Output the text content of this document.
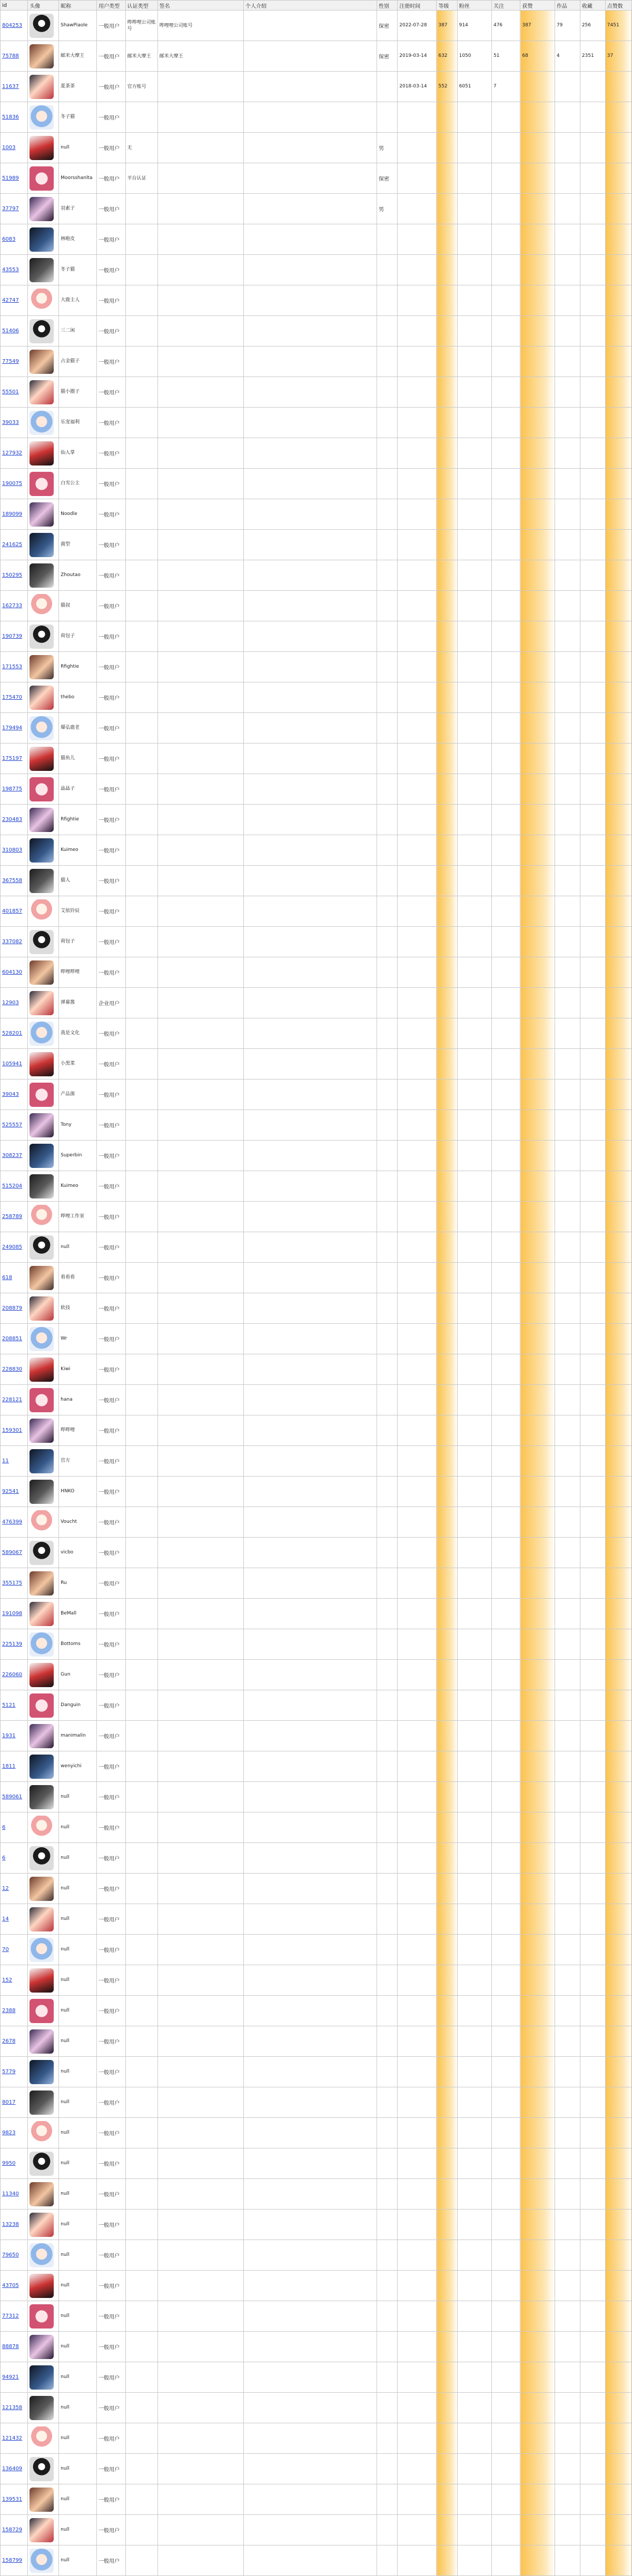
id	头像	昵称	用户类型	认证类型	签名	个人介绍	性别	注册时间	等级	粉丝	关注	获赞	作品	收藏	点赞数
804253		ShawPiaole	一般用户	哔哔哩公司账号	哔哩哩公司账号		保密	2022-07-28	387	914	476	387	79	256	7451
75788		邮米大摩王	一般用户	邮米大摩王	邮米大摩王		保密	2019-03-14	632	1050	51	68	4	2351	37
11637		夏茶茶	一般用户	官方账号				2018-03-14	552	6051	7				
51836		冬子猫	一般用户												
1003		null	一般用户	无			男								
51989		Moorsshanlta	一般用户	平台认证			保密								
37797		羽素子	一般用户				男								
6083		林啦皮	一般用户												
43553		冬子猫	一般用户												
42747		大鹿主人	一般用户												
51406		三二闲	一般用户												
77549		占金猫子	一般用户												
55501		猫小圈子	一般用户												
39033		乐宠福利	一般用户												
127932		仙人掌	一般用户												
190075		白雪公主	一般用户												
189099		Noodle	一般用户												
241625		菌型	一般用户												
150295		Zhoutao	一般用户												
162733		猫叔	一般用户												
190739		荷包子	一般用户												
171553		Rfightie	一般用户												
175470		thebo	一般用户												
179494		爆弘鹿老	一般用户												
175197		猫鱼儿	一般用户												
198775		晶晶子	一般用户												
230483		Rfightie	一般用户												
310803		Kuimeo	一般用户												
367558		猫人	一般用户												
401857		艾依铃辰	一般用户												
337082		荷包子	一般用户												
604130		哔哩哔哩	一般用户												
12903		弹幕酱	企业用户												
528201		我是文化	一般用户												
105941		小黑菜	一般用户												
39043		产品菌	一般用户												
525557		Tony	一般用户												
308237		Superbin	一般用户												
515204		Kuimeo	一般用户												
258789		哔哩工作室	一般用户												
249085		null	一般用户												
618		看看看	一般用户												
208879		软技	一般用户												
208851		Wr	一般用户												
228830		Kiwi	一般用户												
228121		hana	一般用户												
159301		哔哔哩	一般用户												
11		官方	一般用户												
92541		HNKO	一般用户												
476399		Voucht	一般用户												
589067		vicbo	一般用户												
355175		Ru	一般用户												
191098		BeMall	一般用户												
225139		Bottoms	一般用户												
226060		Gun	一般用户												
5121		Danguin	一般用户												
1931		manimalin	一般用户												
1811		wenyichi	一般用户												
589061		null	一般用户												
6		null	一般用户												
6		null	一般用户												
12		null	一般用户												
14		null	一般用户												
70		null	一般用户												
152		null	一般用户												
2388		null	一般用户												
2678		null	一般用户												
5779		null	一般用户												
8017		null	一般用户												
9823		null	一般用户												
9950		null	一般用户												
11340		null	一般用户												
13238		null	一般用户												
79650		null	一般用户												
43705		null	一般用户												
77312		null	一般用户												
88878		null	一般用户												
94921		null	一般用户												
121358		null	一般用户												
121432		null	一般用户												
136409		null	一般用户												
139531		null	一般用户												
158729		null	一般用户												
158799		null	一般用户												
